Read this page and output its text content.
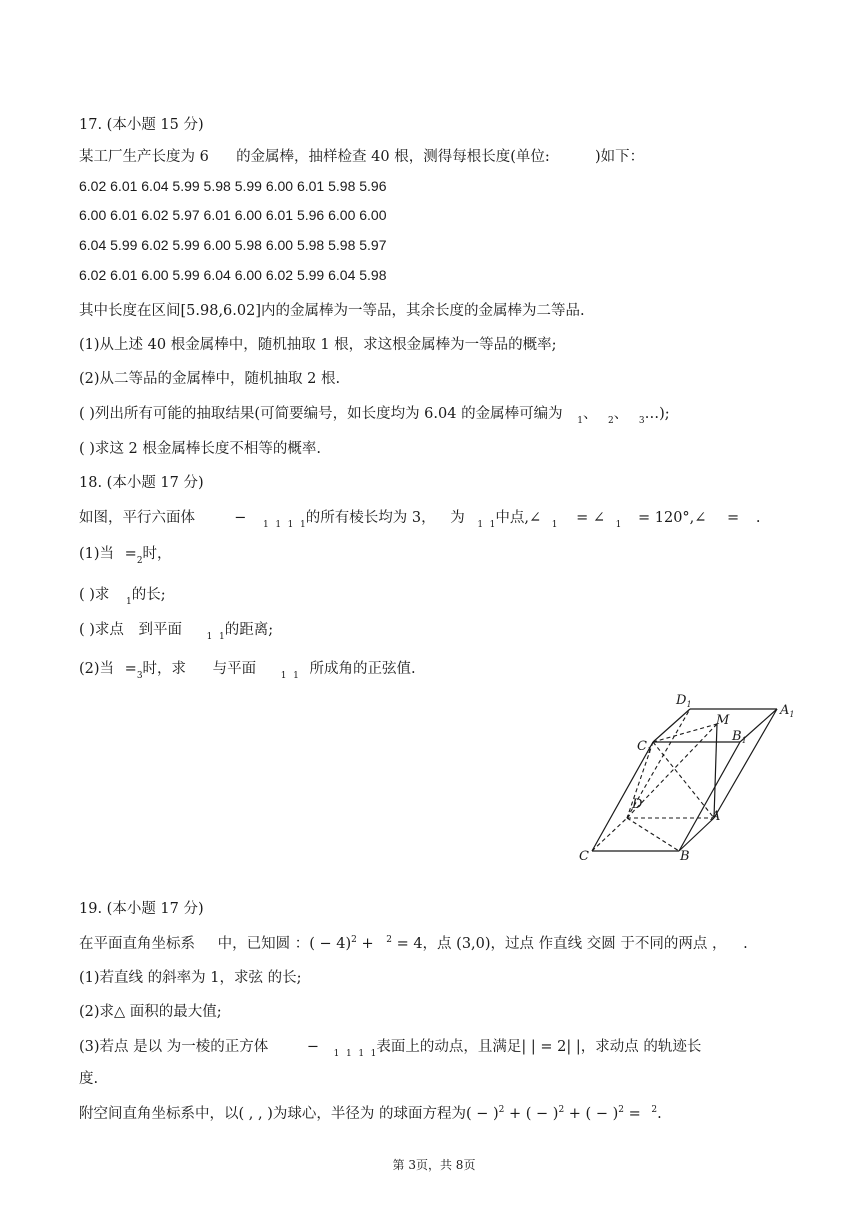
17. (本小题 15 分)
某工厂生产长度为 6 的金属棒，抽样检查 40 根，测得每根长度(单位:	)如下：
6.02 6.01 6.04 5.99 5.98 5.99 6.00 6.01 5.98 5.96
6.00 6.01 6.02 5.97 6.01 6.00 6.01 5.96 6.00 6.00
6.04 5.99 6.02 5.99 6.00 5.98 6.00 5.98 5.98 5.97
6.02 6.01 6.00 5.99 6.04 6.00 6.02 5.99 6.04 5.98
其中长度在区间[5.98,6.02]内的金属棒为一等品，其余长度的金属棒为二等品.
(1)从上述 40 根金属棒中，随机抽取 1 根，求这根金属棒为一等品的概率;
(2)从二等品的金属棒中，随机抽取 2 根.
( )列出所有可能的抽取结果(可简要编号，如长度均为 6.04 的金属棒可编为 $_1$、 $_2$、 $_3$…);
( )求这 2 根金属棒长度不相等的概率.
18. (本小题 17 分)
如图，平行六面体	− $_1$ $_1$ $_1$ $_1$的所有棱长均为 3， 为 $_1$ $_1$中点,∠ $_1$ = ∠ $_1$ = 120°,∠ = .
(1)当 $=_2$时，
( )求 $_1$的长;
( )求点 到平面	$_1$ $_1$的距离;
(2)当 $=_3$时，求 与平面	$_1$ $_1$ 所成角的正弦值.
$D_1$	$A_1$
M
$B_1$
$C_1$
D
A
C	B
19. (本小题 17 分)
在平面直角坐标系 中，已知圆 ：( − 4)$^2$ + $^2$ = 4，点 (3,0)，过点 作直线 交圆 于不同的两点 ， .
(1)若直线 的斜率为 1，求弦 的长;
(2)求△ 面积的最大值;
(3)若点 是以 为一棱的正方体	− $_1$ $_1$ $_1$ $_1$表面上的动点，且满足| | = 2| |，求动点 的轨迹长
度.
附空间直角坐标系中，以( , , )为球心，半径为 的球面方程为( − )$^2$ + ( − )$^2$ + ( − )$^2$ = $^2$.
第 3页，共 8页
